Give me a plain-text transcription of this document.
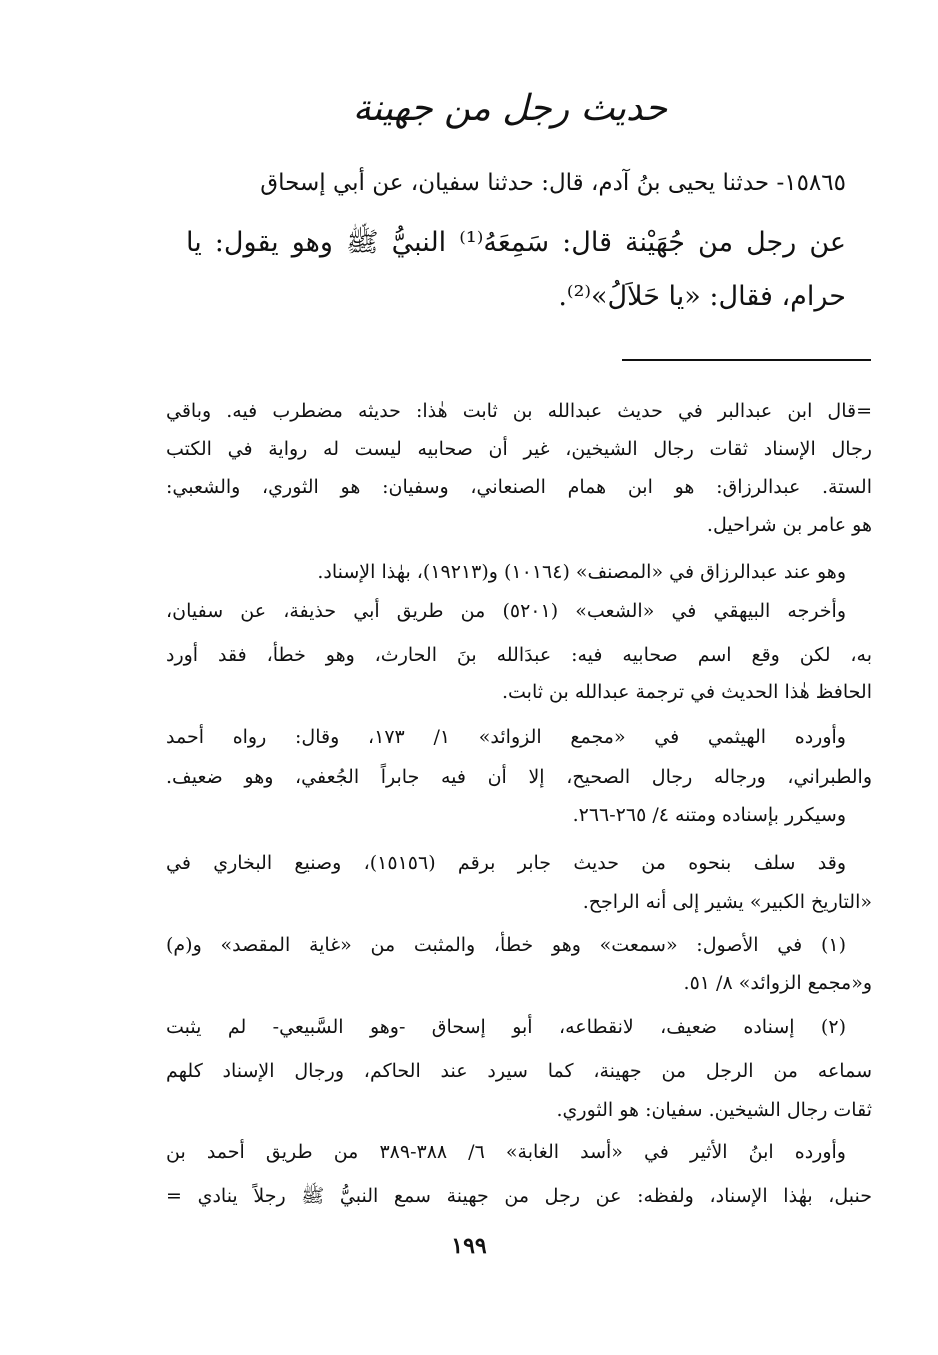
حديث رجل من جهينة
١٥٨٦٥- حدثنا يحيى بنُ آدم، قال: حدثنا سفيان، عن أبي إسحاق
عن رجل من جُهَيْنة قال: سَمِعَهُ⁽¹⁾ النبيُّ ﷺ وهو يقول: يا
حرام، فقال: «يا حَلاَلُ»⁽²⁾.
=قال ابن عبدالبر في حديث عبدالله بن ثابت هٰذا: حديثه مضطرب فيه. وباقي
رجال الإسناد ثقات رجال الشيخين، غير أن صحابيه ليست له رواية في الكتب
الستة. عبدالرزاق: هو ابن همام الصنعاني، وسفيان: هو الثوري، والشعبي:
هو عامر بن شراحيل.
وهو عند عبدالرزاق في «المصنف» (١٠١٦٤) و(١٩٢١٣)، بهٰذا الإسناد.
وأخرجه البيهقي في «الشعب» (٥٢٠١) من طريق أبي حذيفة، عن سفيان،
به، لكن وقع اسم صحابيه فيه: عبدَالله بنَ الحارث، وهو خطأ، فقد أورد
الحافظ هٰذا الحديث في ترجمة عبدالله بن ثابت.
وأورده الهيثمي في «مجمع الزوائد» ١/ ١٧٣، وقال: رواه أحمد
والطبراني، ورجاله رجال الصحيح، إلا أن فيه جابراً الجُعفي، وهو ضعيف.
وسيكرر بإسناده ومتنه ٤/ ٢٦٥-٢٦٦.
وقد سلف بنحوه من حديث جابر برقم (١٥١٥٦)، وصنيع البخاري في
«التاريخ الكبير» يشير إلى أنه الراجح.
(١) في الأصول: «سمعت» وهو خطأ، والمثبت من «غاية المقصد» و(م)
و«مجمع الزوائد» ٨/ ٥١.
(٢) إسناده ضعيف، لانقطاعه، أبو إسحاق -وهو السَّبيعي- لم يثبت
سماعه من الرجل من جهينة، كما سيرد عند الحاكم، ورجال الإسناد كلهم
ثقات رجال الشيخين. سفيان: هو الثوري.
وأورده ابنُ الأثير في «أسد الغابة» ٦/ ٣٨٨-٣٨٩ من طريق أحمد بن
حنبل، بهٰذا الإسناد، ولفظه: عن رجل من جهينة سمع النبيُّ ﷺ رجلاً ينادي =
١٩٩
